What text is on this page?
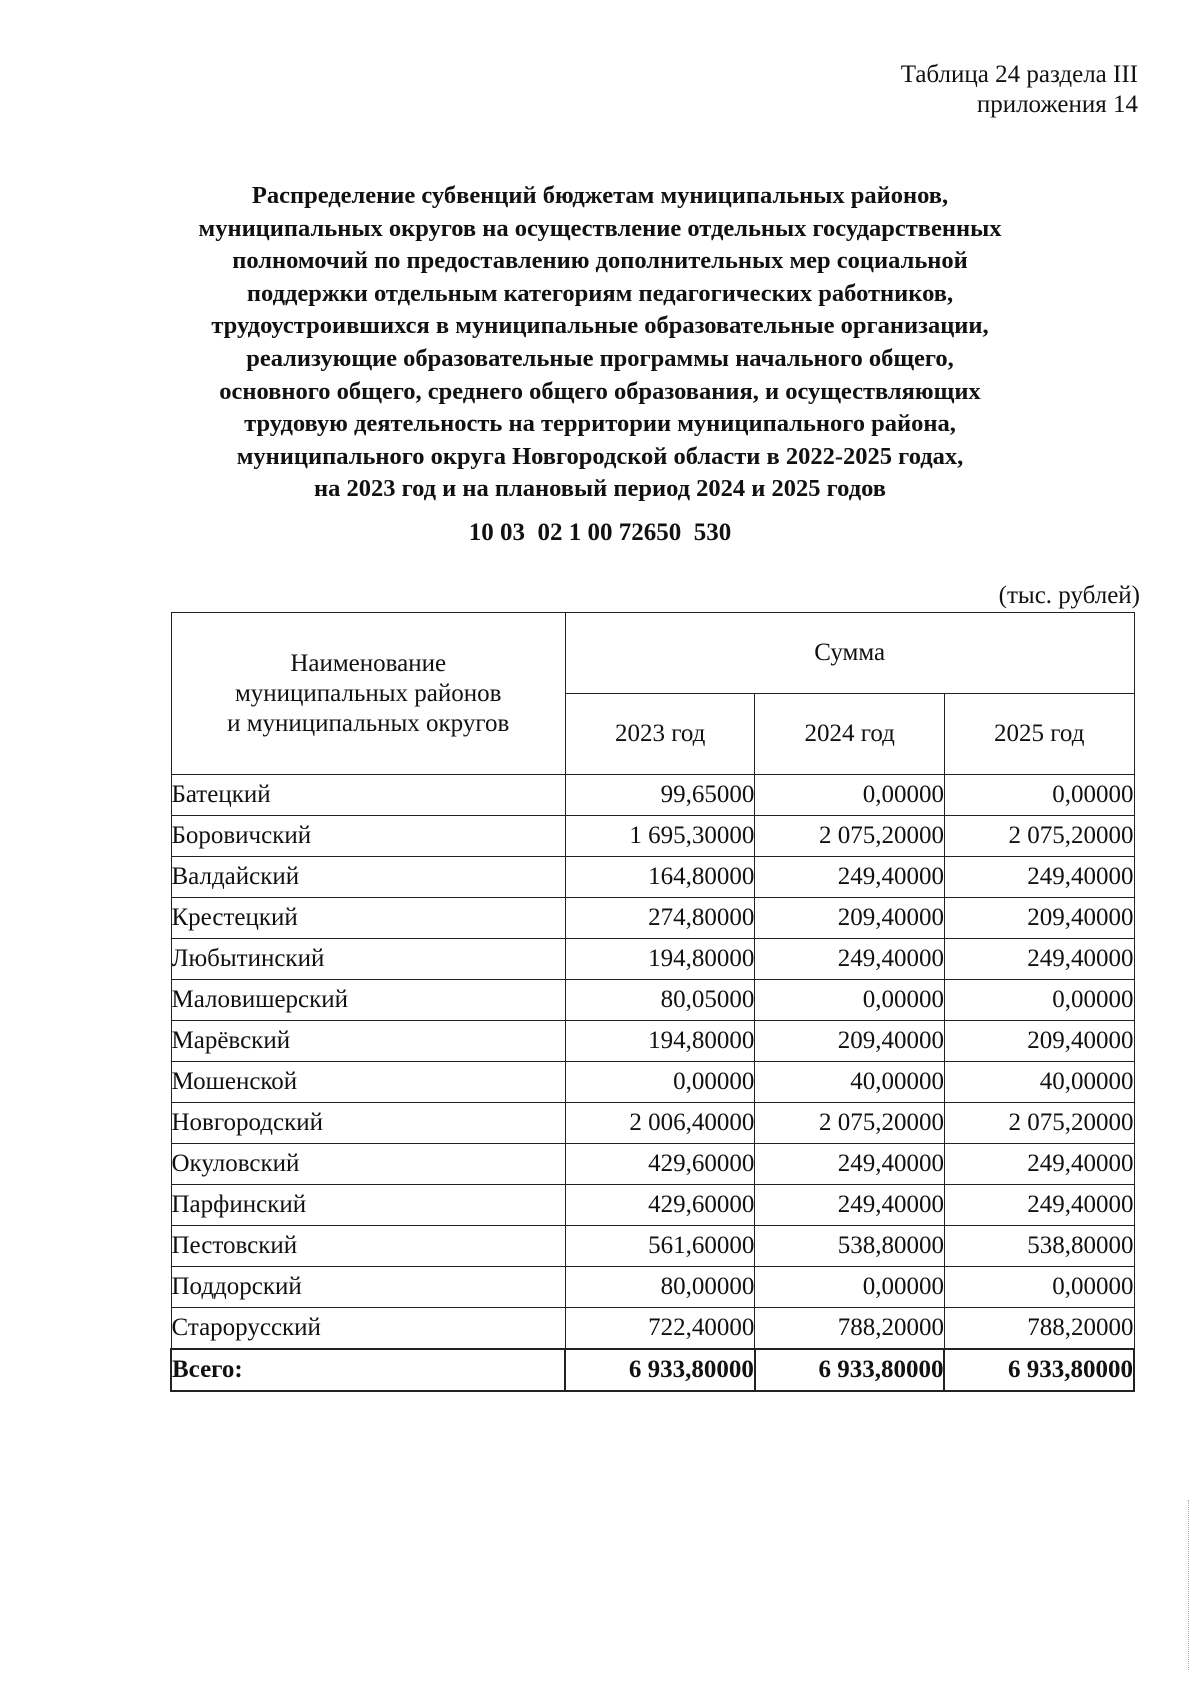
Таблица 24 раздела III
приложения 14
Распределение субвенций бюджетам муниципальных районов,
муниципальных округов на осуществление отдельных государственных
полномочий по предоставлению дополнительных мер социальной
поддержки отдельным категориям педагогических работников,
трудоустроившихся в муниципальные образовательные организации,
реализующие образовательные программы начального общего,
основного общего, среднего общего образования, и осуществляющих
трудовую деятельность на территории муниципального района,
муниципального округа Новгородской области в 2022-2025 годах,
на 2023 год и на плановый период 2024 и 2025 годов
10 03  02 1 00 72650  530
(тыс. рублей)
Наименование
муниципальных районов
и муниципальных округов	Сумма		
	2023 год	2024 год	2025 год
Батецкий	99,65000	0,00000	0,00000
Боровичский	1 695,30000	2 075,20000	2 075,20000
Валдайский	164,80000	249,40000	249,40000
Крестецкий	274,80000	209,40000	209,40000
Любытинский	194,80000	249,40000	249,40000
Маловишерский	80,05000	0,00000	0,00000
Марёвский	194,80000	209,40000	209,40000
Мошенской	0,00000	40,00000	40,00000
Новгородский	2 006,40000	2 075,20000	2 075,20000
Окуловский	429,60000	249,40000	249,40000
Парфинский	429,60000	249,40000	249,40000
Пестовский	561,60000	538,80000	538,80000
Поддорский	80,00000	0,00000	0,00000
Старорусский	722,40000	788,20000	788,20000
Всего:	6 933,80000	6 933,80000	6 933,80000
